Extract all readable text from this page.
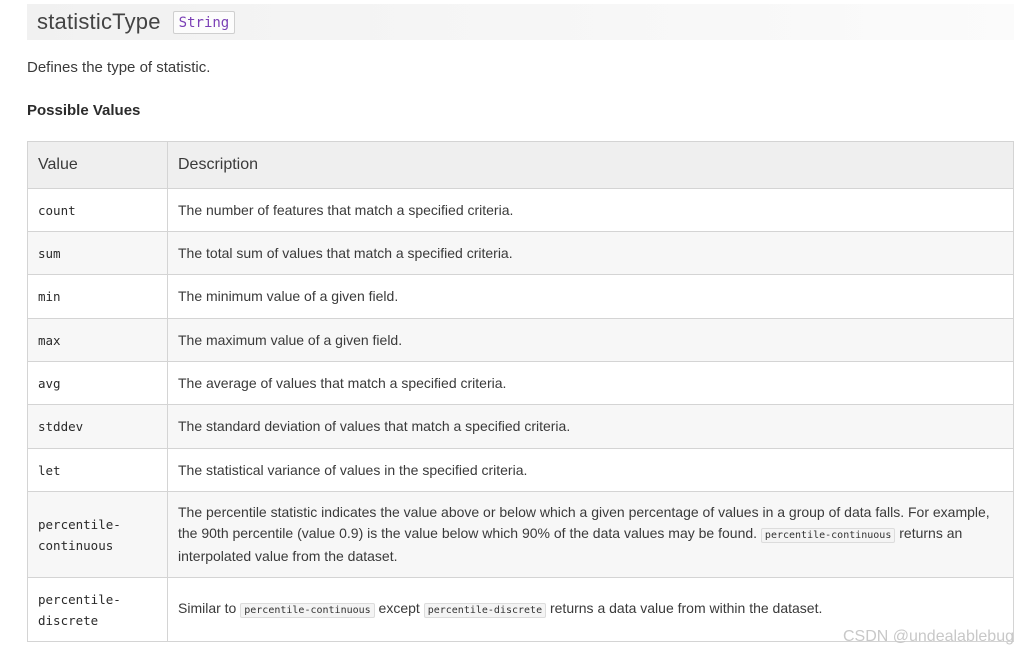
statisticType	String

Defines the type of statistic.

Possible Values

Value	Description
count	The number of features that match a specified criteria.
sum	The total sum of values that match a specified criteria.
min	The minimum value of a given field.
max	The maximum value of a given field.
avg	The average of values that match a specified criteria.
stddev	The standard deviation of values that match a specified criteria.
let	The statistical variance of values in the specified criteria.
percentile-
continuous	The percentile statistic indicates the value above or below which a given percentage of values in a group of data falls. For example, the 90th percentile (value 0.9) is the value below which 90% of the data values may be found. percentile-continuous returns an interpolated value from the dataset.
percentile-
discrete	Similar to percentile-continuous except percentile-discrete returns a data value from within the dataset.
CSDN @undealablebug
